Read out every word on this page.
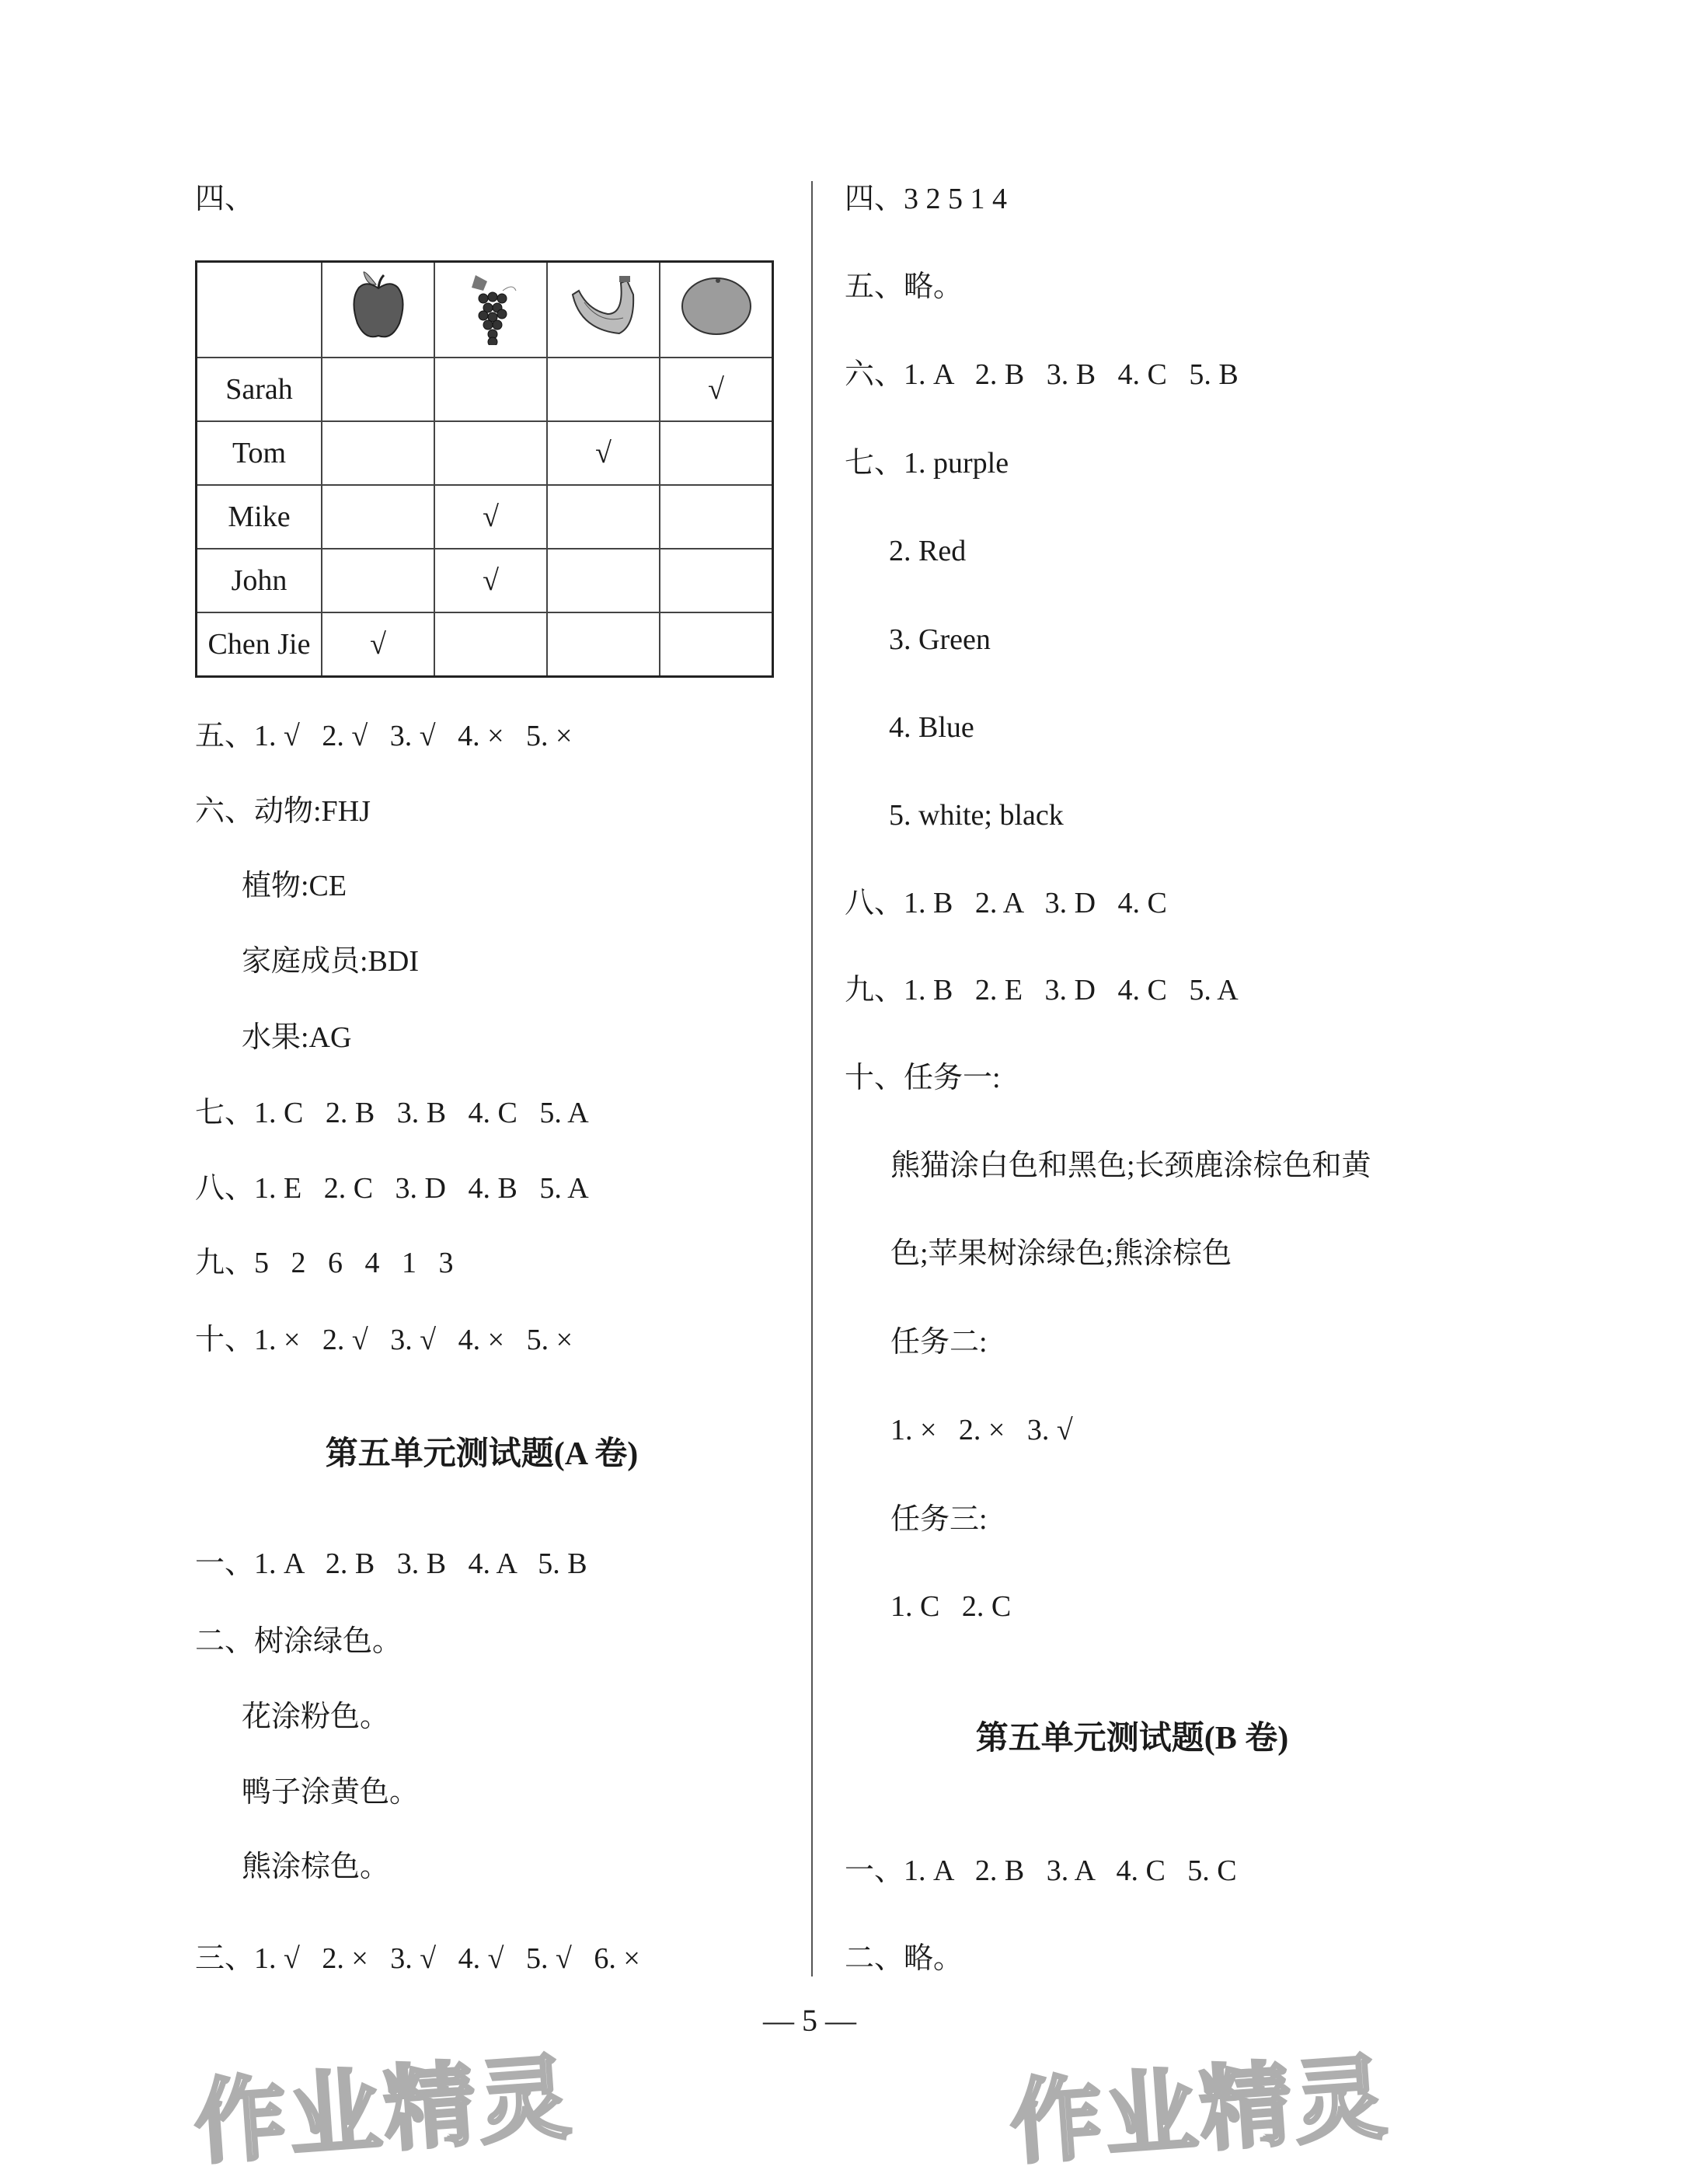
四、

Sarah				√
Tom			√	
Mike		√		
John		√		
Chen Jie	√			
第五单元测试题(A 卷)
五、1. √   2. √   3. √   4. ×   5. ×
六、动物:FHJ
植物:CE
家庭成员:BDI
水果:AG
七、1. C   2. B   3. B   4. C   5. A
八、1. E   2. C   3. D   4. B   5. A
九、5   2   6   4   1   3
十、1. ×   2. √   3. √   4. ×   5. ×
一、1. A   2. B   3. B   4. A   5. B
二、树涂绿色。
花涂粉色。
鸭子涂黄色。
熊涂棕色。
三、1. √   2. ×   3. √   4. √   5. √   6. ×
第五单元测试题(B 卷)
四、3 2 5 1 4
五、略。
六、1. A   2. B   3. B   4. C   5. B
七、1. purple
2. Red
3. Green
4. Blue
5. white; black
八、1. B   2. A   3. D   4. C
九、1. B   2. E   3. D   4. C   5. A
十、任务一:
熊猫涂白色和黑色;长颈鹿涂棕色和黄
色;苹果树涂绿色;熊涂棕色
任务二:
1. ×   2. ×   3. √
任务三:
1. C   2. C
一、1. A   2. B   3. A   4. C   5. C
二、略。
— 5 —
作业精灵	作业精灵
